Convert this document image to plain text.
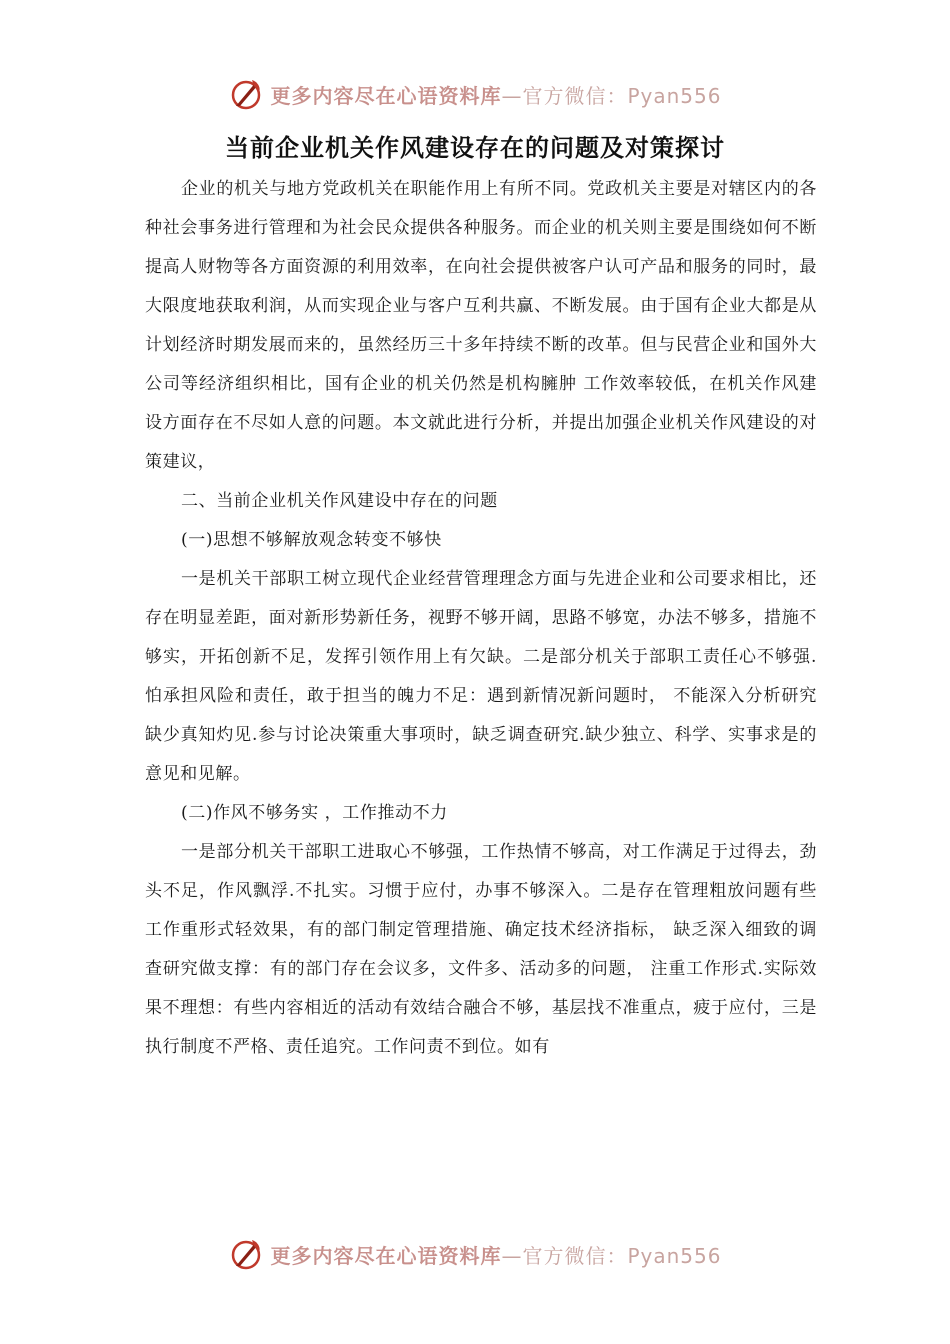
更多内容尽在心语资料库—官方微信：Pyan556
当前企业机关作风建设存在的问题及对策探讨

企业的机关与地方党政机关在职能作用上有所不同。党政机关主要是对辖区内的各种社会事务进行管理和为社会民众提供各种服务。而企业的机关则主要是围绕如何不断提高人财物等各方面资源的利用效率，在向社会提供被客户认可产品和服务的同时，最大限度地获取利润，从而实现企业与客户互利共赢、不断发展。由于国有企业大都是从计划经济时期发展而来的，虽然经历三十多年持续不断的改革。但与民营企业和国外大公司等经济组织相比，国有企业的机关仍然是机构臃肿 工作效率较低，在机关作风建设方面存在不尽如人意的问题。本文就此进行分析，并提出加强企业机关作风建设的对策建议，

二、当前企业机关作风建设中存在的问题

(一)思想不够解放观念转变不够快

一是机关干部职工树立现代企业经营管理理念方面与先进企业和公司要求相比，还存在明显差距，面对新形势新任务，视野不够开阔，思路不够宽，办法不够多，措施不够实，开拓创新不足，发挥引领作用上有欠缺。二是部分机关于部职工责任心不够强.怕承担风险和责任，敢于担当的魄力不足：遇到新情况新问题时， 不能深入分析研究缺少真知灼见.参与讨论决策重大事项时，缺乏调查研究.缺少独立、科学、实事求是的意见和见解。

(二)作风不够务实 ，工作推动不力

一是部分机关干部职工进取心不够强，工作热情不够高，对工作满足于过得去，劲头不足，作风飘浮.不扎实。习惯于应付，办事不够深入。二是存在管理粗放问题有些工作重形式轻效果，有的部门制定管理措施、确定技术经济指标， 缺乏深入细致的调查研究做支撑：有的部门存在会议多，文件多、活动多的问题， 注重工作形式.实际效果不理想：有些内容相近的活动有效结合融合不够，基层找不准重点，疲于应付，三是执行制度不严格、责任追究。工作问责不到位。如有

更多内容尽在心语资料库—官方微信：Pyan556
